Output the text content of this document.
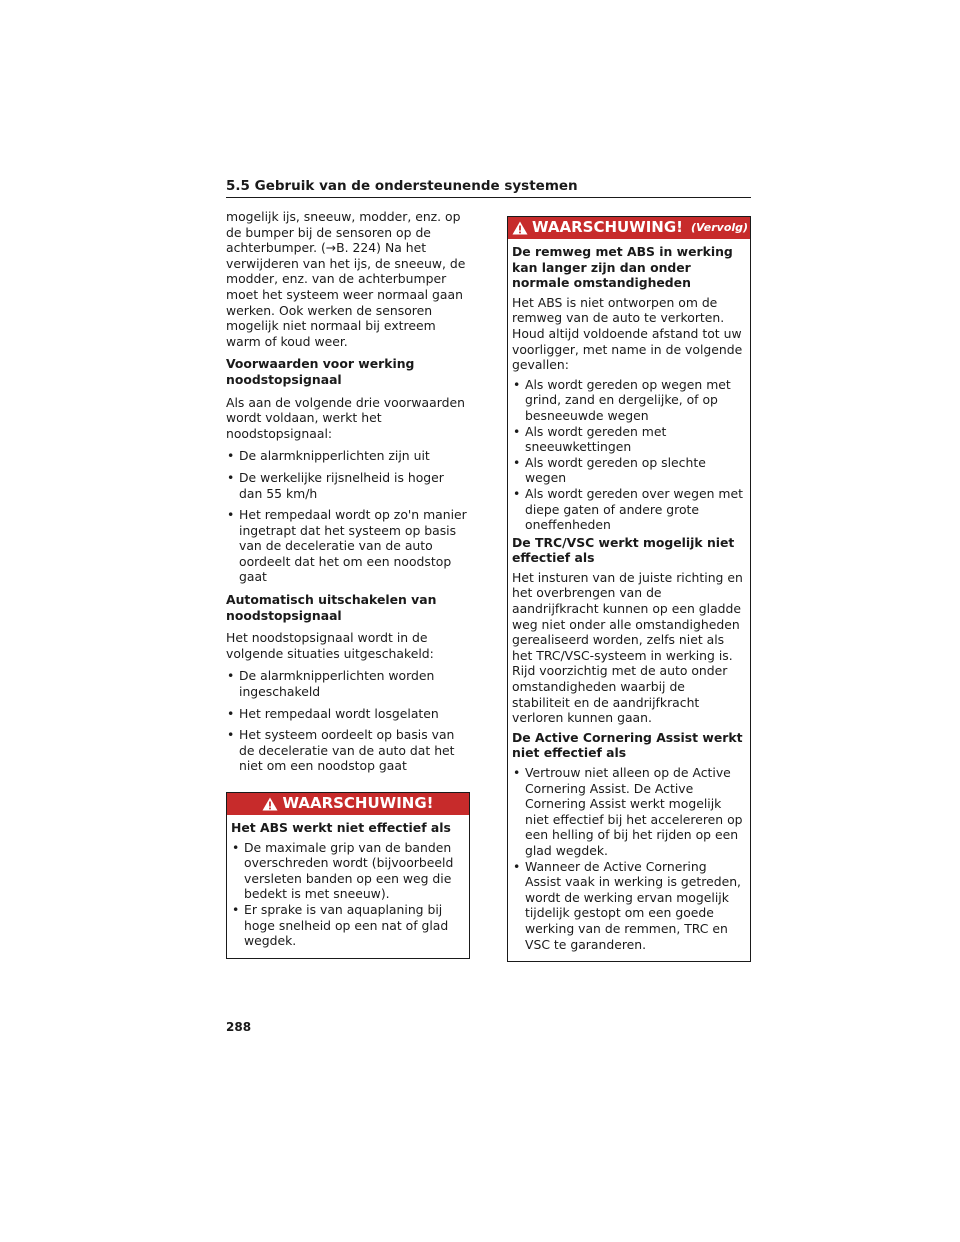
5.5 Gebruik van de ondersteunende systemen

mogelijk ijs, sneeuw, modder, enz. op de bumper bij de sensoren op de achterbumper. (→B. 224) Na het verwijderen van het ijs, de sneeuw, de modder, enz. van de achterbumper moet het systeem weer normaal gaan werken. Ook werken de sensoren mogelijk niet normaal bij extreem warm of koud weer.

Voorwaarden voor werking noodstopsignaal

Als aan de volgende drie voorwaarden wordt voldaan, werkt het noodstopsignaal:

• De alarmknipperlichten zijn uit
• De werkelijke rijsnelheid is hoger dan 55 km/h
• Het rempedaal wordt op zo'n manier ingetrapt dat het systeem op basis van de deceleratie van de auto oordeelt dat het om een noodstop gaat
Automatisch uitschakelen van noodstopsignaal

Het noodstopsignaal wordt in de volgende situaties uitgeschakeld:

• De alarmknipperlichten worden ingeschakeld
• Het rempedaal wordt losgelaten
• Het systeem oordeelt op basis van de deceleratie van de auto dat het niet om een noodstop gaat
WAARSCHUWING!
Het ABS werkt niet effectief als
• De maximale grip van de banden overschreden wordt (bijvoorbeeld versleten banden op een weg die bedekt is met sneeuw).
• Er sprake is van aquaplaning bij hoge snelheid op een nat of glad wegdek.
WAARSCHUWING! (Vervolg)
De remweg met ABS in werking kan langer zijn dan onder normale omstandigheden

Het ABS is niet ontworpen om de remweg van de auto te verkorten. Houd altijd voldoende afstand tot uw voorligger, met name in de volgende gevallen:

• Als wordt gereden op wegen met grind, zand en dergelijke, of op besneeuwde wegen
• Als wordt gereden met sneeuwkettingen
• Als wordt gereden op slechte wegen
• Als wordt gereden over wegen met diepe gaten of andere grote oneffenheden
De TRC/VSC werkt mogelijk niet effectief als

Het insturen van de juiste richting en het overbrengen van de aandrijfkracht kunnen op een gladde weg niet onder alle omstandigheden gerealiseerd worden, zelfs niet als het TRC/VSC-systeem in werking is. Rijd voorzichtig met de auto onder omstandigheden waarbij de stabiliteit en de aandrijfkracht verloren kunnen gaan.

De Active Cornering Assist werkt niet effectief als
• Vertrouw niet alleen op de Active Cornering Assist. De Active Cornering Assist werkt mogelijk niet effectief bij het accelereren op een helling of bij het rijden op een glad wegdek.
• Wanneer de Active Cornering Assist vaak in werking is getreden, wordt de werking ervan mogelijk tijdelijk gestopt om een goede werking van de remmen, TRC en VSC te garanderen.
288
